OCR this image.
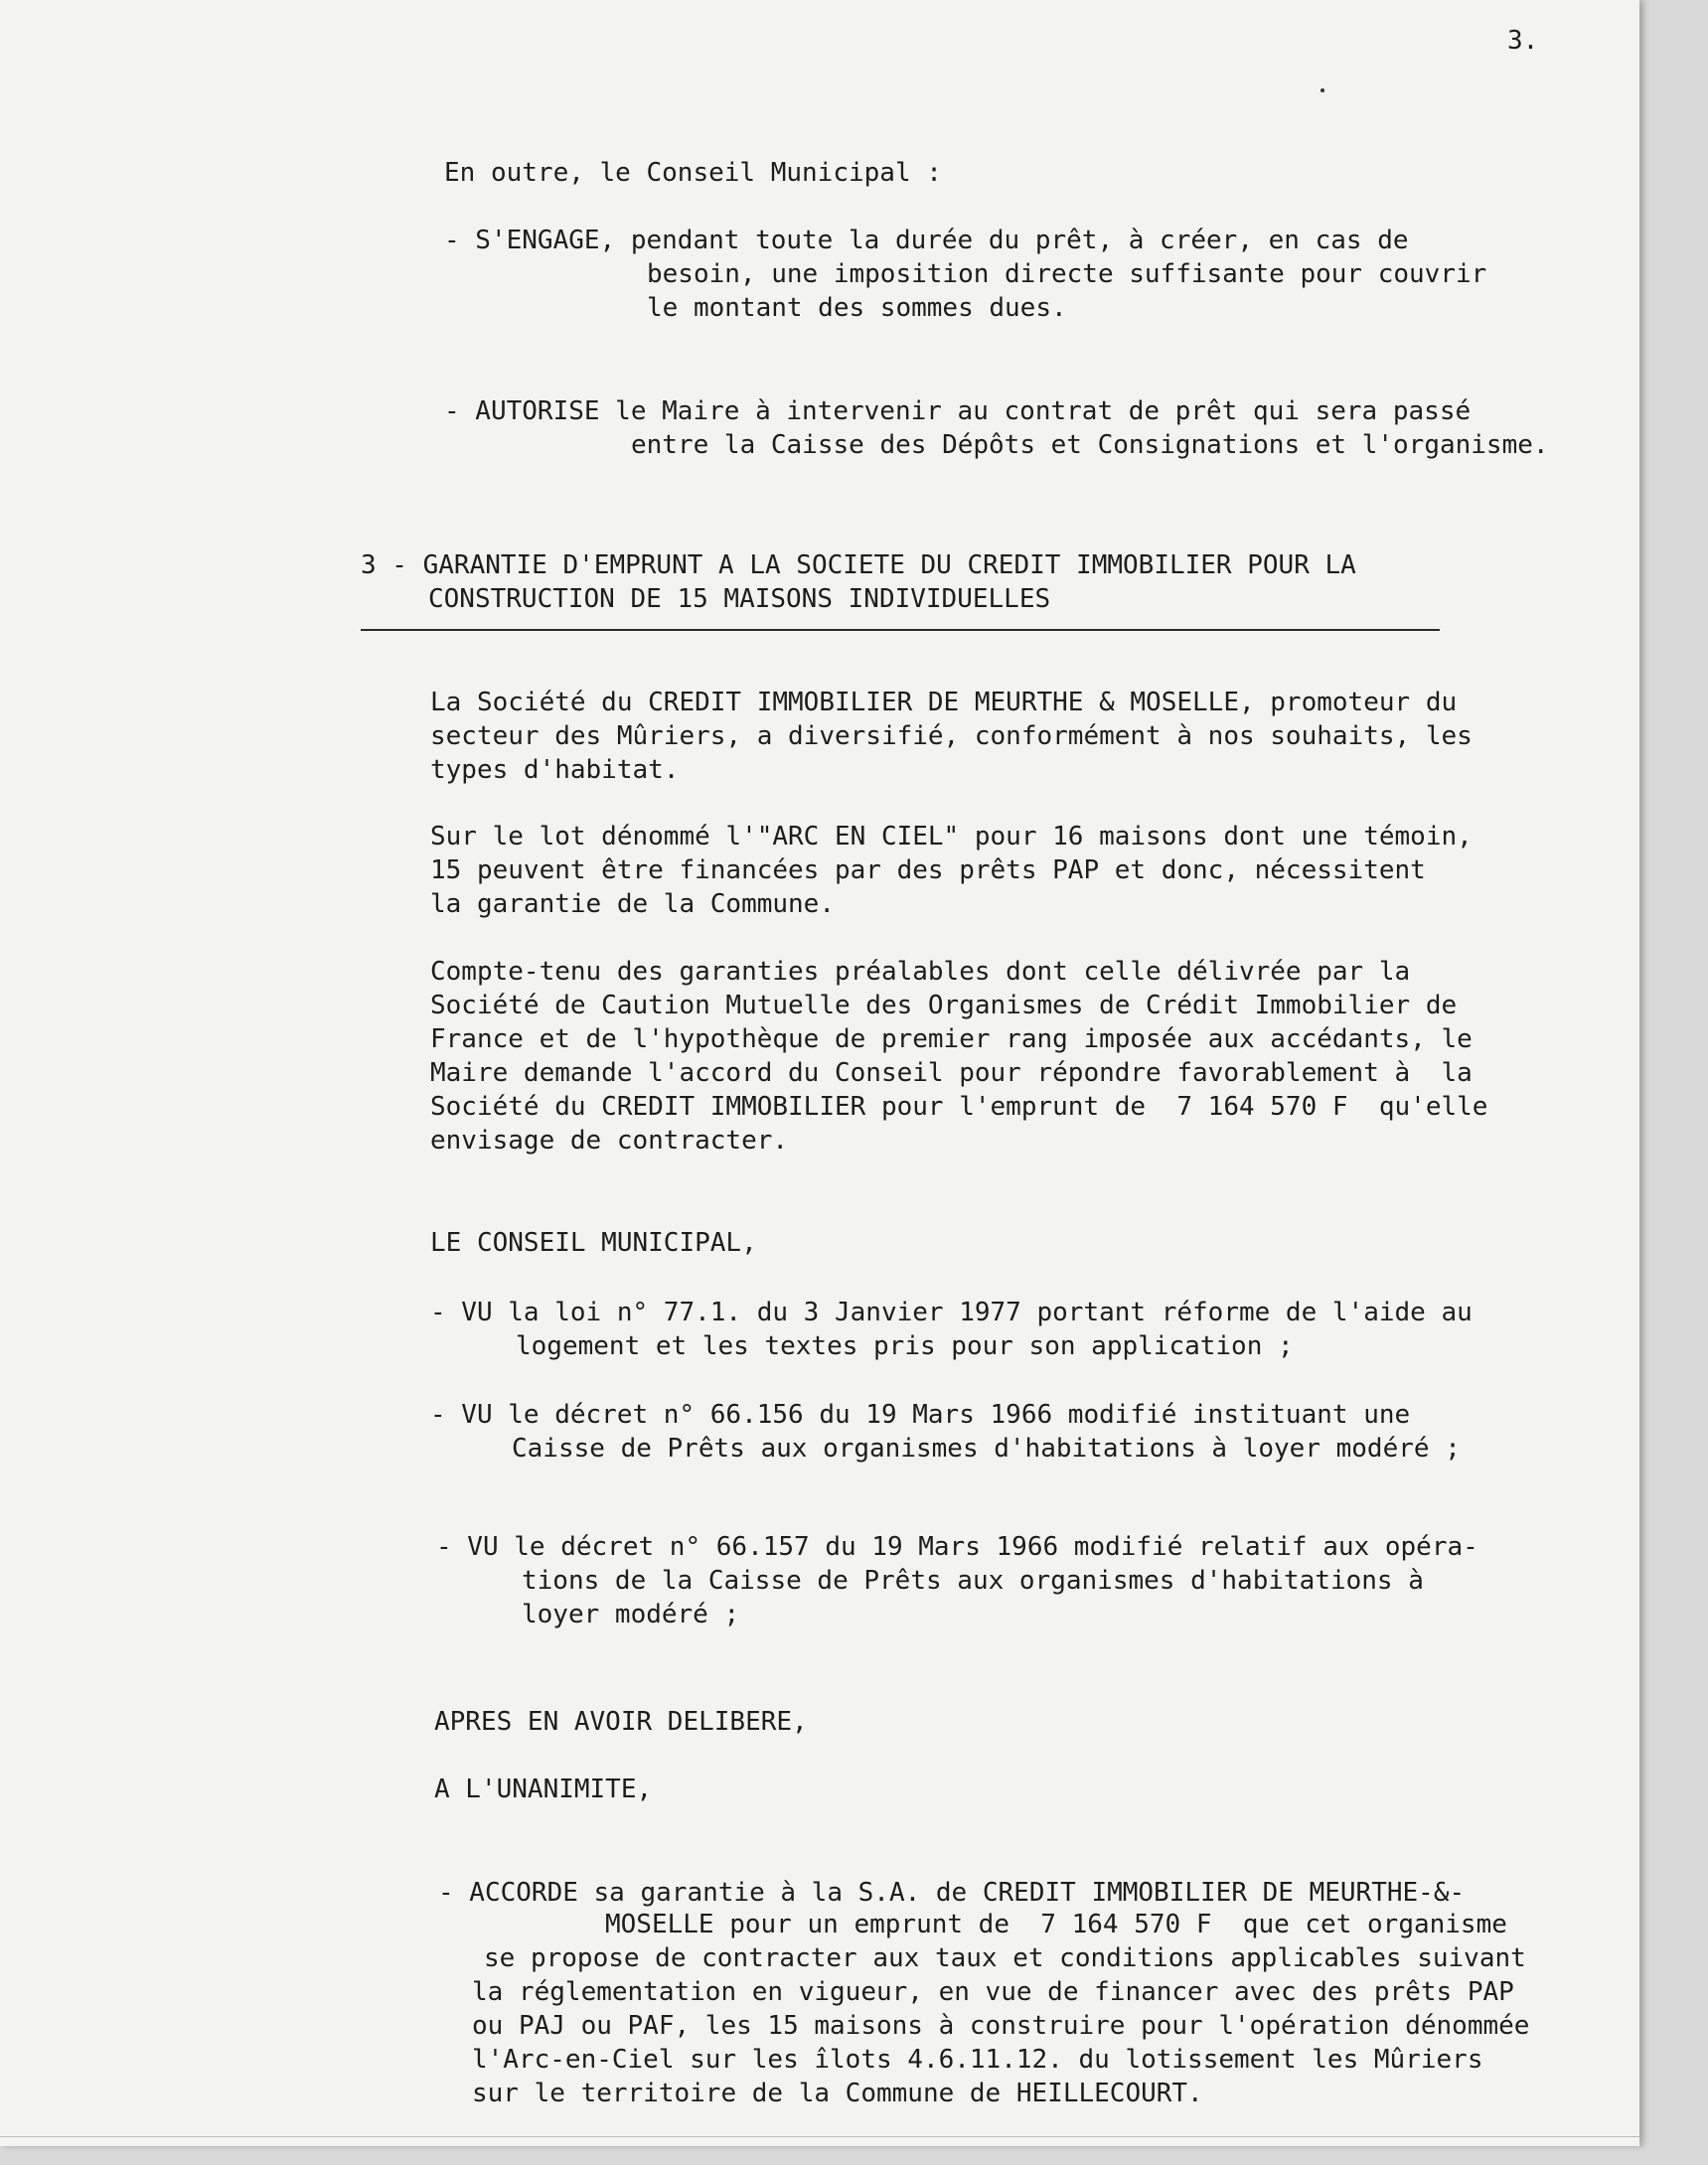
3.
En outre, le Conseil Municipal :
- S'ENGAGE, pendant toute la durée du prêt, à créer, en cas de
besoin, une imposition directe suffisante pour couvrir
le montant des sommes dues.
- AUTORISE le Maire à intervenir au contrat de prêt qui sera passé
entre la Caisse des Dépôts et Consignations et l'organisme.
3 - GARANTIE D'EMPRUNT A LA SOCIETE DU CREDIT IMMOBILIER POUR LA
CONSTRUCTION DE 15 MAISONS INDIVIDUELLES
La Société du CREDIT IMMOBILIER DE MEURTHE & MOSELLE, promoteur du
secteur des Mûriers, a diversifié, conformément à nos souhaits, les
types d'habitat.
Sur le lot dénommé l'"ARC EN CIEL" pour 16 maisons dont une témoin,
15 peuvent être financées par des prêts PAP et donc, nécessitent
la garantie de la Commune.
Compte-tenu des garanties préalables dont celle délivrée par la
Société de Caution Mutuelle des Organismes de Crédit Immobilier de
France et de l'hypothèque de premier rang imposée aux accédants, le
Maire demande l'accord du Conseil pour répondre favorablement à  la
Société du CREDIT IMMOBILIER pour l'emprunt de  7 164 570 F  qu'elle
envisage de contracter.
LE CONSEIL MUNICIPAL,
- VU la loi n° 77.1. du 3 Janvier 1977 portant réforme de l'aide au
logement et les textes pris pour son application ;
- VU le décret n° 66.156 du 19 Mars 1966 modifié instituant une
Caisse de Prêts aux organismes d'habitations à loyer modéré ;
- VU le décret n° 66.157 du 19 Mars 1966 modifié relatif aux opéra-
tions de la Caisse de Prêts aux organismes d'habitations à
loyer modéré ;
APRES EN AVOIR DELIBERE,
A L'UNANIMITE,
- ACCORDE sa garantie à la S.A. de CREDIT IMMOBILIER DE MEURTHE-&-
MOSELLE pour un emprunt de  7 164 570 F  que cet organisme
se propose de contracter aux taux et conditions applicables suivant
la réglementation en vigueur, en vue de financer avec des prêts PAP
ou PAJ ou PAF, les 15 maisons à construire pour l'opération dénommée
l'Arc-en-Ciel sur les îlots 4.6.11.12. du lotissement les Mûriers
sur le territoire de la Commune de HEILLECOURT.
